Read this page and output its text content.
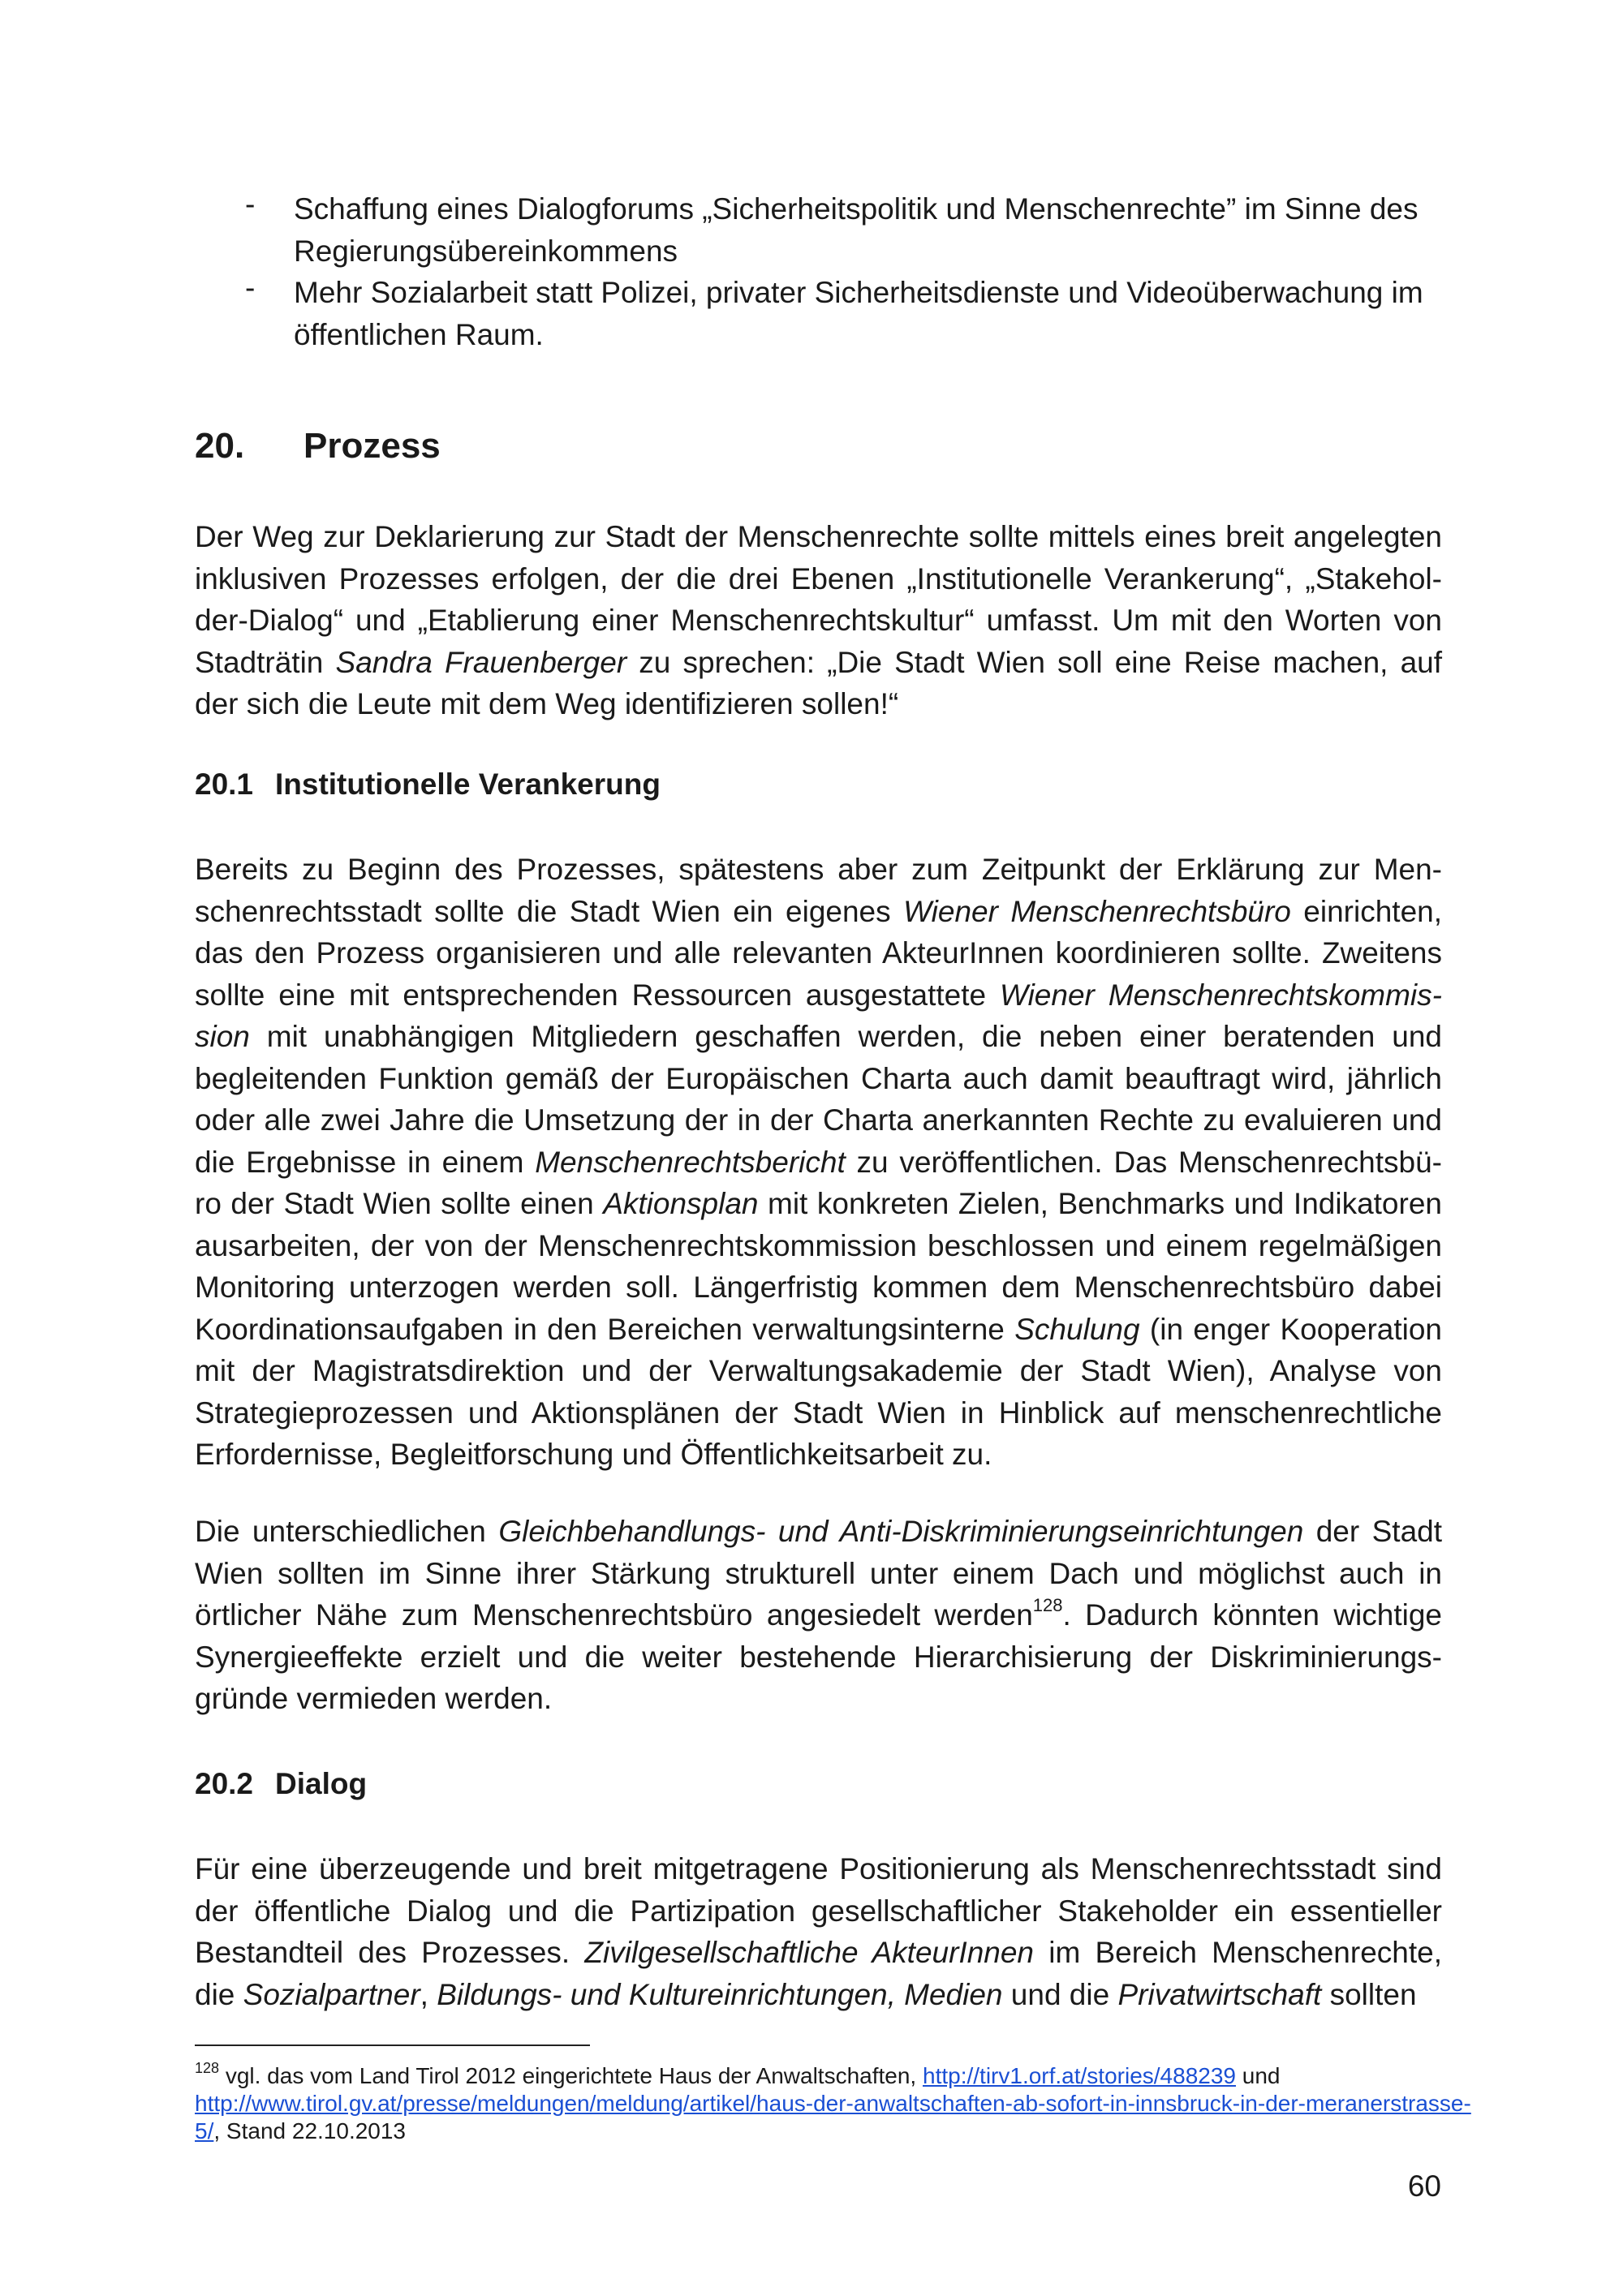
- Schaffung eines Dialogforums „Sicherheitspolitik und Menschenrechte” im Sinne des Regierungsübereinkommens

- Mehr Sozialarbeit statt Polizei, privater Sicherheitsdienste und Videoüberwachung im öffentlichen Raum.

20. Prozess

Der Weg zur Deklarierung zur Stadt der Menschenrechte sollte mittels eines breit angelegten inklusiven Prozesses erfolgen, der die drei Ebenen „Institutionelle Verankerung“, „Stakehol-der-Dialog“ und „Etablierung einer Menschenrechtskultur“ umfasst. Um mit den Worten von Stadträtin Sandra Frauenberger zu sprechen: „Die Stadt Wien soll eine Reise machen, auf der sich die Leute mit dem Weg identifizieren sollen!“

20.1 Institutionelle Verankerung

Bereits zu Beginn des Prozesses, spätestens aber zum Zeitpunkt der Erklärung zur Men-schenrechtsstadt sollte die Stadt Wien ein eigenes Wiener Menschenrechtsbüro einrichten, das den Prozess organisieren und alle relevanten AkteurInnen koordinieren sollte. Zweitens sollte eine mit entsprechenden Ressourcen ausgestattete Wiener Menschenrechtskommis-sion mit unabhängigen Mitgliedern geschaffen werden, die neben einer beratenden und begleitenden Funktion gemäß der Europäischen Charta auch damit beauftragt wird, jährlich oder alle zwei Jahre die Umsetzung der in der Charta anerkannten Rechte zu evaluieren und die Ergebnisse in einem Menschenrechtsbericht zu veröffentlichen. Das Menschenrechtsbü-ro der Stadt Wien sollte einen Aktionsplan mit konkreten Zielen, Benchmarks und Indikatoren ausarbeiten, der von der Menschenrechtskommission beschlossen und einem regelmäßigen Monitoring unterzogen werden soll. Längerfristig kommen dem Menschenrechtsbüro dabei Koordinationsaufgaben in den Bereichen verwaltungsinterne Schulung (in enger Kooperation mit der Magistratsdirektion und der Verwaltungsakademie der Stadt Wien), Analyse von Strategieprozessen und Aktionsplänen der Stadt Wien in Hinblick auf menschenrechtliche Erfordernisse, Begleitforschung und Öffentlichkeitsarbeit zu.

Die unterschiedlichen Gleichbehandlungs- und Anti-Diskriminierungseinrichtungen der Stadt Wien sollten im Sinne ihrer Stärkung strukturell unter einem Dach und möglichst auch in örtlicher Nähe zum Menschenrechtsbüro angesiedelt werden$^{128}$. Dadurch könnten wichtige Synergieeffekte erzielt und die weiter bestehende Hierarchisierung der Diskriminierungs-gründe vermieden werden.

20.2 Dialog

Für eine überzeugende und breit mitgetragene Positionierung als Menschenrechtsstadt sind der öffentliche Dialog und die Partizipation gesellschaftlicher Stakeholder ein essentieller Bestandteil des Prozesses. Zivilgesellschaftliche AkteurInnen im Bereich Menschenrechte, die Sozialpartner, Bildungs- und Kultureinrichtungen, Medien und die Privatwirtschaft sollten

$^{128}$ vgl. das vom Land Tirol 2012 eingerichtete Haus der Anwaltschaften, http://tirv1.orf.at/stories/488239 und
http://www.tirol.gv.at/presse/meldungen/meldung/artikel/haus-der-anwaltschaften-ab-sofort-in-innsbruck-in-der-meranerstrasse-5/, Stand 22.10.2013
60
